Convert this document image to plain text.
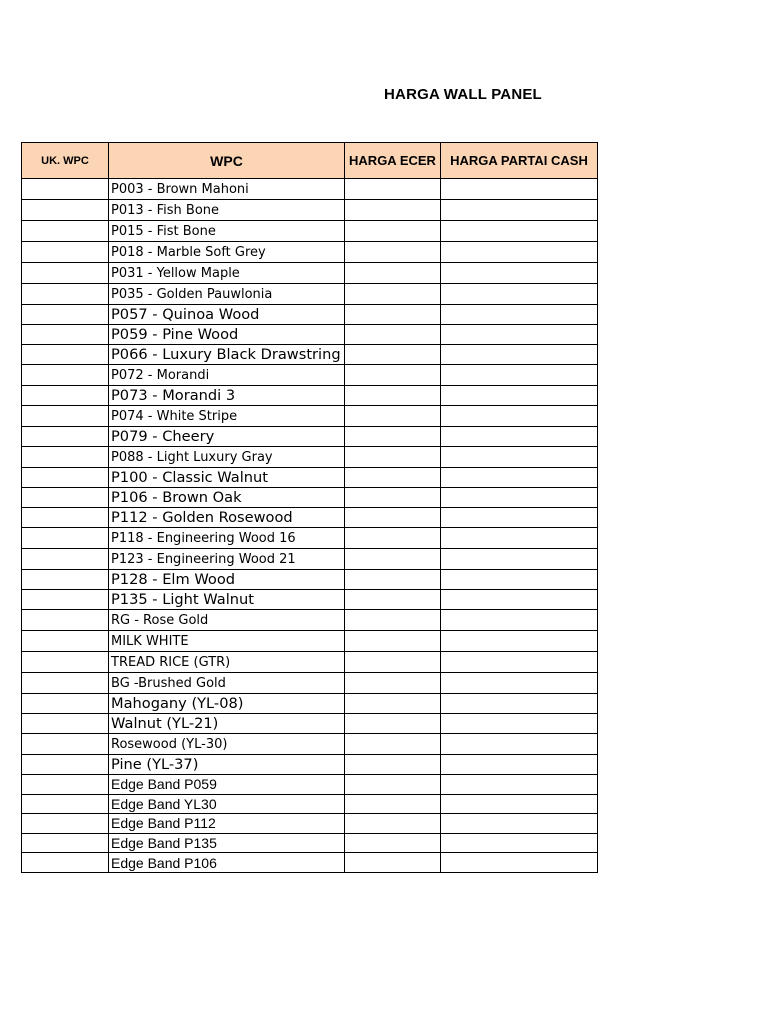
HARGA WALL PANEL
UK. WPC	WPC	HARGA ECER	HARGA PARTAI CASH
	P003 - Brown Mahoni		
	P013 - Fish Bone		
	P015 - Fist Bone		
	P018 - Marble Soft Grey		
	P031 - Yellow Maple		
	P035 - Golden Pauwlonia		
	P057 - Quinoa Wood		
	P059 - Pine Wood		
	P066 - Luxury Black Drawstring		
	P072 - Morandi		
	P073 - Morandi 3		
	P074 - White Stripe		
	P079 - Cheery		
	P088 - Light Luxury Gray		
	P100 - Classic Walnut		
	P106 - Brown Oak		
	P112 - Golden Rosewood		
	P118 - Engineering Wood 16		
	P123 - Engineering Wood 21		
	P128 - Elm Wood		
	P135 - Light Walnut		
	RG - Rose Gold		
	MILK WHITE		
	TREAD RICE (GTR)		
	BG -Brushed Gold		
	Mahogany (YL-08)		
	Walnut (YL-21)		
	Rosewood (YL-30)		
	Pine (YL-37)		
	Edge Band P059		
	Edge Band YL30		
	Edge Band P112		
	Edge Band P135		
	Edge Band P106		
